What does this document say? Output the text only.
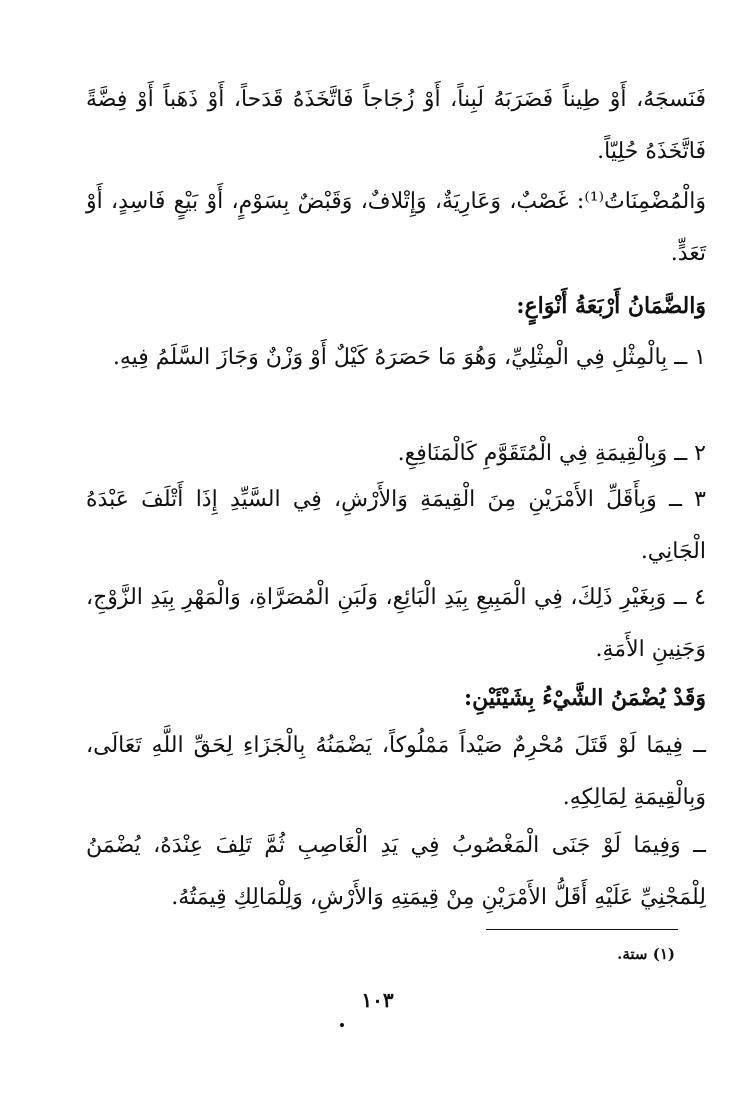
فَنَسجَهُ، أَوْ طِيناً فَضَرَبَهُ لَبِناً، أَوْ زُجَاجاً فَاتَّخَذَهُ قَدَحاً، أَوْ ذَهَباً أَوْ فِضَّةً فَاتَّخَذَهُ حُلِيّاً.

وَالْمُضْمِنَاتُ⁽¹⁾: غَصْبٌ، وَعَارِيَةٌ، وَإِتْلافٌ، وَقَبْضٌ بِسَوْمٍ، أَوْ بَيْعٍ فَاسِدٍ، أَوْ تَعَدٍّ.

وَالضَّمَانُ أَرْبَعَةُ أَنْوَاعٍ:

١ ــ بِالْمِثْلِ فِي الْمِثْلِيِّ، وَهُوَ مَا حَصَرَهُ كَيْلٌ أَوْ وَزْنٌ وَجَازَ السَّلَمُ فِيهِ.

٢ ــ وَبِالْقِيمَةِ فِي الْمُتَقَوَّمِ كَالْمَنَافِعِ.

٣ ــ وَبِأَقَلِّ الأَمْرَيْنِ مِنَ الْقِيمَةِ وَالأَرْشِ، فِي السَّيِّدِ إِذَا أَتْلَفَ عَبْدَهُ الْجَانِي.

٤ ــ وَبِغَيْرِ ذَلِكَ، فِي الْمَبِيعِ بِيَدِ الْبَائِعِ، وَلَبَنِ الْمُصَرَّاةِ، وَالْمَهْرِ بِيَدِ الزَّوْجِ، وَجَنِينِ الأَمَةِ.

وَقَدْ يُضْمَنُ الشَّيْءُ بِشَيْئَيْنِ:

ــ فِيمَا لَوْ قَتَلَ مُحْرِمٌ صَيْداً مَمْلُوكاً، يَضْمَنُهُ بِالْجَزَاءِ لِحَقِّ اللَّهِ تَعَالَى، وَبِالْقِيمَةِ لِمَالِكِهِ.

ــ وَفِيمَا لَوْ جَنَى الْمَغْصُوبُ فِي يَدِ الْغَاصِبِ ثُمَّ تَلِفَ عِنْدَهُ، يُضْمَنُ لِلْمَجْنِيِّ عَلَيْهِ أَقَلُّ الأَمْرَيْنِ مِنْ قِيمَتِهِ وَالأَرْشِ، وَلِلْمَالِكِ قِيمَتُهُ.

(١) ستة.
١٠٣
